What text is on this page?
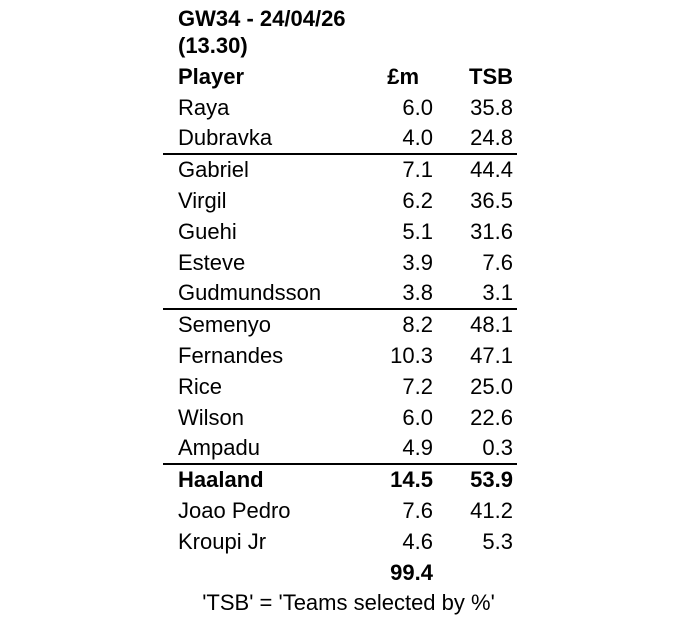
GW34 - 24/04/26
(13.30)
Player	£m	TSB
Raya	6.0	35.8
Dubravka	4.0	24.8
Gabriel	7.1	44.4
Virgil	6.2	36.5
Guehi	5.1	31.6
Esteve	3.9	7.6
Gudmundsson	3.8	3.1
Semenyo	8.2	48.1
Fernandes	10.3	47.1
Rice	7.2	25.0
Wilson	6.0	22.6
Ampadu	4.9	0.3
Haaland	14.5	53.9
Joao Pedro	7.6	41.2
Kroupi Jr	4.6	5.3
	99.4	
'TSB' = 'Teams selected by %'
